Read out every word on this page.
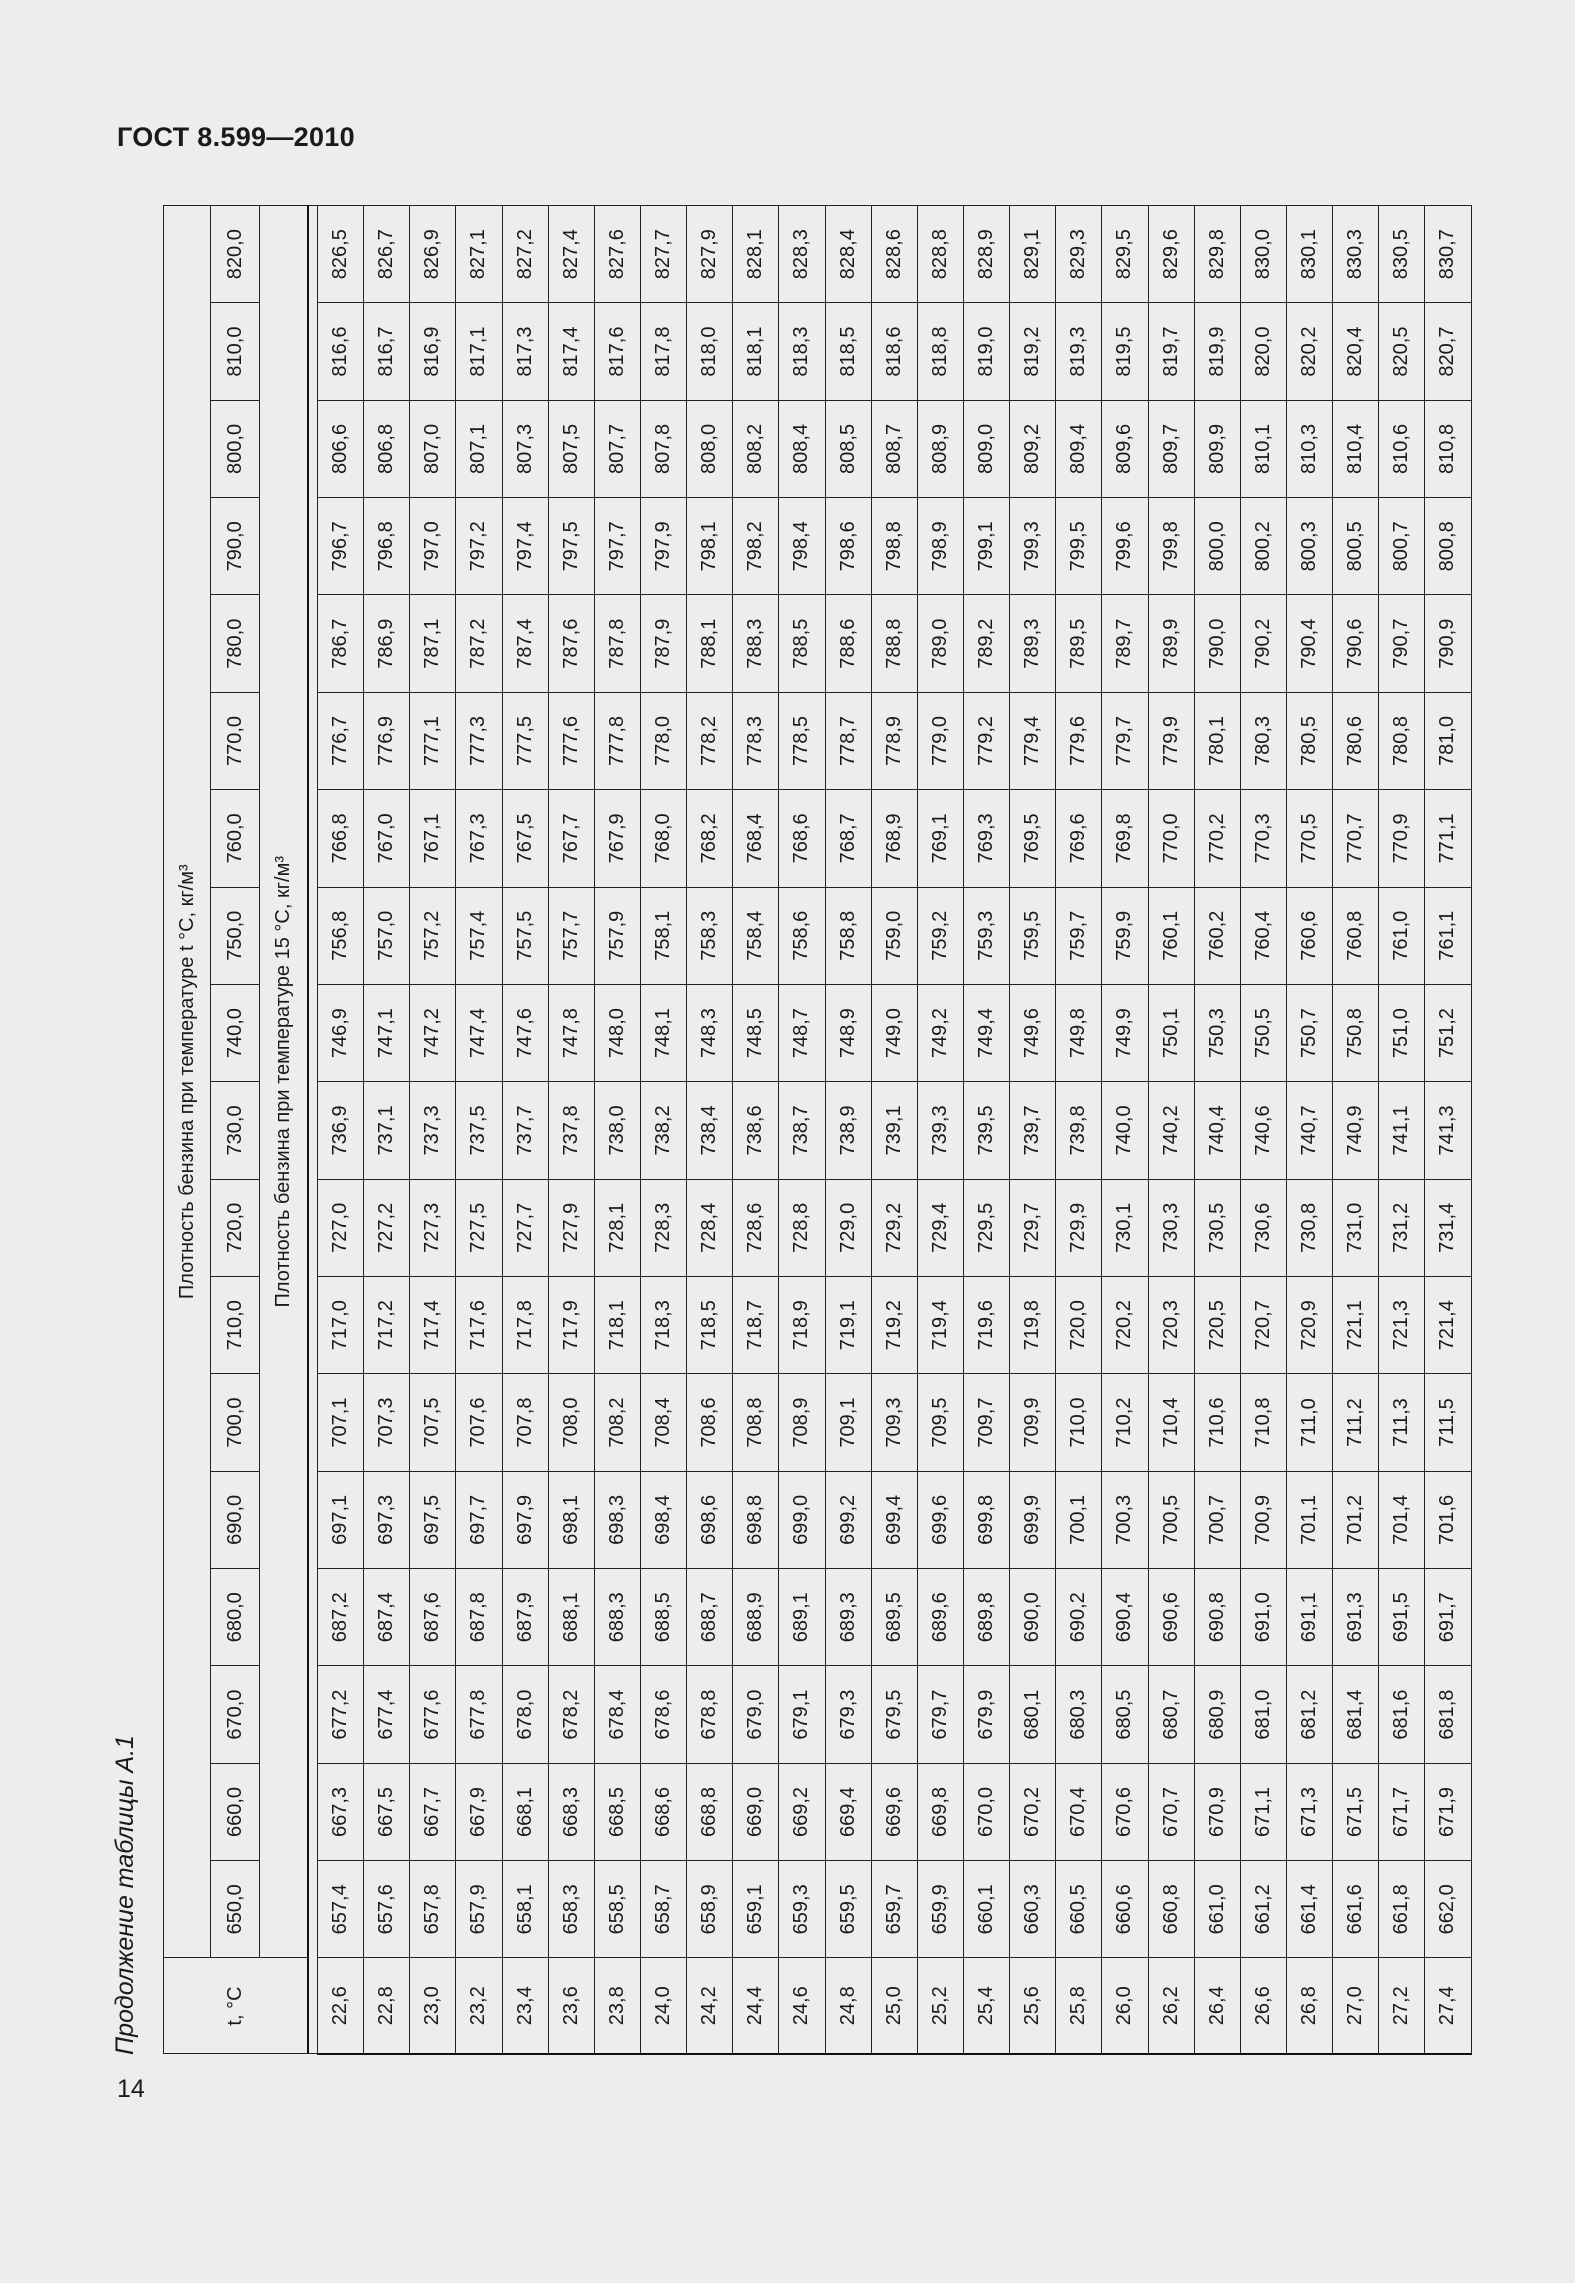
ГОСТ 8.599—2010
Продолжение таблицы А.1
14
t, °C	Плотность бензина при температуре t °C, кг/м³																	
	650,0	660,0	670,0	680,0	690,0	700,0	710,0	720,0	730,0	740,0	750,0	760,0	770,0	780,0	790,0	800,0	810,0	820,0
	Плотность бензина при температуре 15 °C, кг/м³																	

22,6	657,4	667,3	677,2	687,2	697,1	707,1	717,0	727,0	736,9	746,9	756,8	766,8	776,7	786,7	796,7	806,6	816,6	826,5
22,8	657,6	667,5	677,4	687,4	697,3	707,3	717,2	727,2	737,1	747,1	757,0	767,0	776,9	786,9	796,8	806,8	816,7	826,7
23,0	657,8	667,7	677,6	687,6	697,5	707,5	717,4	727,3	737,3	747,2	757,2	767,1	777,1	787,1	797,0	807,0	816,9	826,9
23,2	657,9	667,9	677,8	687,8	697,7	707,6	717,6	727,5	737,5	747,4	757,4	767,3	777,3	787,2	797,2	807,1	817,1	827,1
23,4	658,1	668,1	678,0	687,9	697,9	707,8	717,8	727,7	737,7	747,6	757,5	767,5	777,5	787,4	797,4	807,3	817,3	827,2
23,6	658,3	668,3	678,2	688,1	698,1	708,0	717,9	727,9	737,8	747,8	757,7	767,7	777,6	787,6	797,5	807,5	817,4	827,4
23,8	658,5	668,5	678,4	688,3	698,3	708,2	718,1	728,1	738,0	748,0	757,9	767,9	777,8	787,8	797,7	807,7	817,6	827,6
24,0	658,7	668,6	678,6	688,5	698,4	708,4	718,3	728,3	738,2	748,1	758,1	768,0	778,0	787,9	797,9	807,8	817,8	827,7
24,2	658,9	668,8	678,8	688,7	698,6	708,6	718,5	728,4	738,4	748,3	758,3	768,2	778,2	788,1	798,1	808,0	818,0	827,9
24,4	659,1	669,0	679,0	688,9	698,8	708,8	718,7	728,6	738,6	748,5	758,4	768,4	778,3	788,3	798,2	808,2	818,1	828,1
24,6	659,3	669,2	679,1	689,1	699,0	708,9	718,9	728,8	738,7	748,7	758,6	768,6	778,5	788,5	798,4	808,4	818,3	828,3
24,8	659,5	669,4	679,3	689,3	699,2	709,1	719,1	729,0	738,9	748,9	758,8	768,7	778,7	788,6	798,6	808,5	818,5	828,4
25,0	659,7	669,6	679,5	689,5	699,4	709,3	719,2	729,2	739,1	749,0	759,0	768,9	778,9	788,8	798,8	808,7	818,6	828,6
25,2	659,9	669,8	679,7	689,6	699,6	709,5	719,4	729,4	739,3	749,2	759,2	769,1	779,0	789,0	798,9	808,9	818,8	828,8
25,4	660,1	670,0	679,9	689,8	699,8	709,7	719,6	729,5	739,5	749,4	759,3	769,3	779,2	789,2	799,1	809,0	819,0	828,9
25,6	660,3	670,2	680,1	690,0	699,9	709,9	719,8	729,7	739,7	749,6	759,5	769,5	779,4	789,3	799,3	809,2	819,2	829,1
25,8	660,5	670,4	680,3	690,2	700,1	710,0	720,0	729,9	739,8	749,8	759,7	769,6	779,6	789,5	799,5	809,4	819,3	829,3
26,0	660,6	670,6	680,5	690,4	700,3	710,2	720,2	730,1	740,0	749,9	759,9	769,8	779,7	789,7	799,6	809,6	819,5	829,5
26,2	660,8	670,7	680,7	690,6	700,5	710,4	720,3	730,3	740,2	750,1	760,1	770,0	779,9	789,9	799,8	809,7	819,7	829,6
26,4	661,0	670,9	680,9	690,8	700,7	710,6	720,5	730,5	740,4	750,3	760,2	770,2	780,1	790,0	800,0	809,9	819,9	829,8
26,6	661,2	671,1	681,0	691,0	700,9	710,8	720,7	730,6	740,6	750,5	760,4	770,3	780,3	790,2	800,2	810,1	820,0	830,0
26,8	661,4	671,3	681,2	691,1	701,1	711,0	720,9	730,8	740,7	750,7	760,6	770,5	780,5	790,4	800,3	810,3	820,2	830,1
27,0	661,6	671,5	681,4	691,3	701,2	711,2	721,1	731,0	740,9	750,8	760,8	770,7	780,6	790,6	800,5	810,4	820,4	830,3
27,2	661,8	671,7	681,6	691,5	701,4	711,3	721,3	731,2	741,1	751,0	761,0	770,9	780,8	790,7	800,7	810,6	820,5	830,5
27,4	662,0	671,9	681,8	691,7	701,6	711,5	721,4	731,4	741,3	751,2	761,1	771,1	781,0	790,9	800,8	810,8	820,7	830,7
